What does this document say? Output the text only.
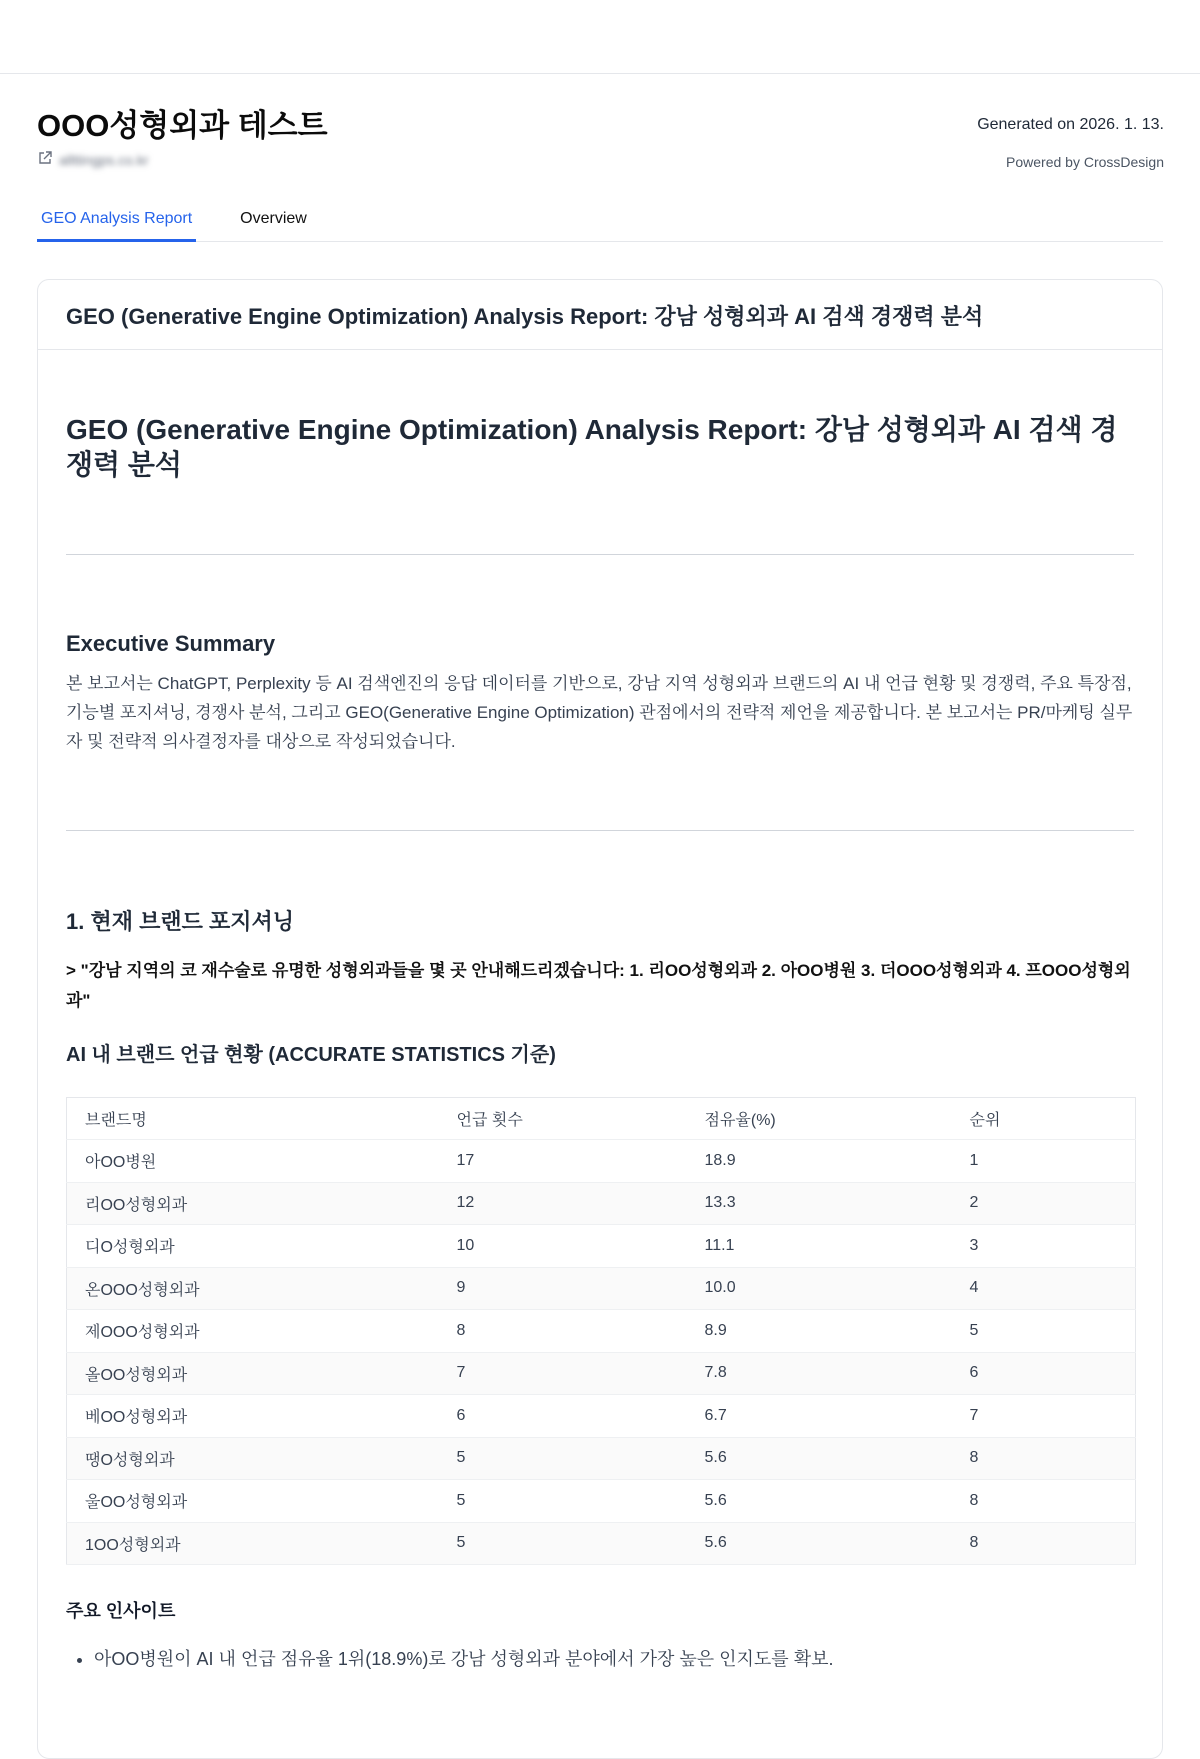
OOO성형외과 테스트
allttingps.co.kr
Generated on 2026. 1. 13.
Powered by CrossDesign
GEO Analysis Report	Overview
GEO (Generative Engine Optimization) Analysis Report: 강남 성형외과 AI 검색 경쟁력 분석
GEO (Generative Engine Optimization) Analysis Report: 강남 성형외과 AI 검색 경쟁력 분석
Executive Summary

본 보고서는 ChatGPT, Perplexity 등 AI 검색엔진의 응답 데이터를 기반으로, 강남 지역 성형외과 브랜드의 AI 내 언급 현황 및 경쟁력, 주요 특장점, 기능별 포지셔닝, 경쟁사 분석, 그리고 GEO(Generative Engine Optimization) 관점에서의 전략적 제언을 제공합니다. 본 보고서는 PR/마케팅 실무자 및 전략적 의사결정자를 대상으로 작성되었습니다.

1. 현재 브랜드 포지셔닝
> "강남 지역의 코 재수술로 유명한 성형외과들을 몇 곳 안내해드리겠습니다: 1. 리OO성형외과 2. 아OO병원 3. 더OOO성형외과 4. 프OOO성형외과"
AI 내 브랜드 언급 현황 (ACCURATE STATISTICS 기준)
브랜드명	언급 횟수	점유율(%)	순위
아OO병원	17	18.9	1
리OO성형외과	12	13.3	2
디O성형외과	10	11.1	3
온OOO성형외과	9	10.0	4
제OOO성형외과	8	8.9	5
올OO성형외과	7	7.8	6
베OO성형외과	6	6.7	7
땡O성형외과	5	5.6	8
울OO성형외과	5	5.6	8
1OO성형외과	5	5.6	8
주요 인사이트
• 아OO병원이 AI 내 언급 점유율 1위(18.9%)로 강남 성형외과 분야에서 가장 높은 인지도를 확보.
